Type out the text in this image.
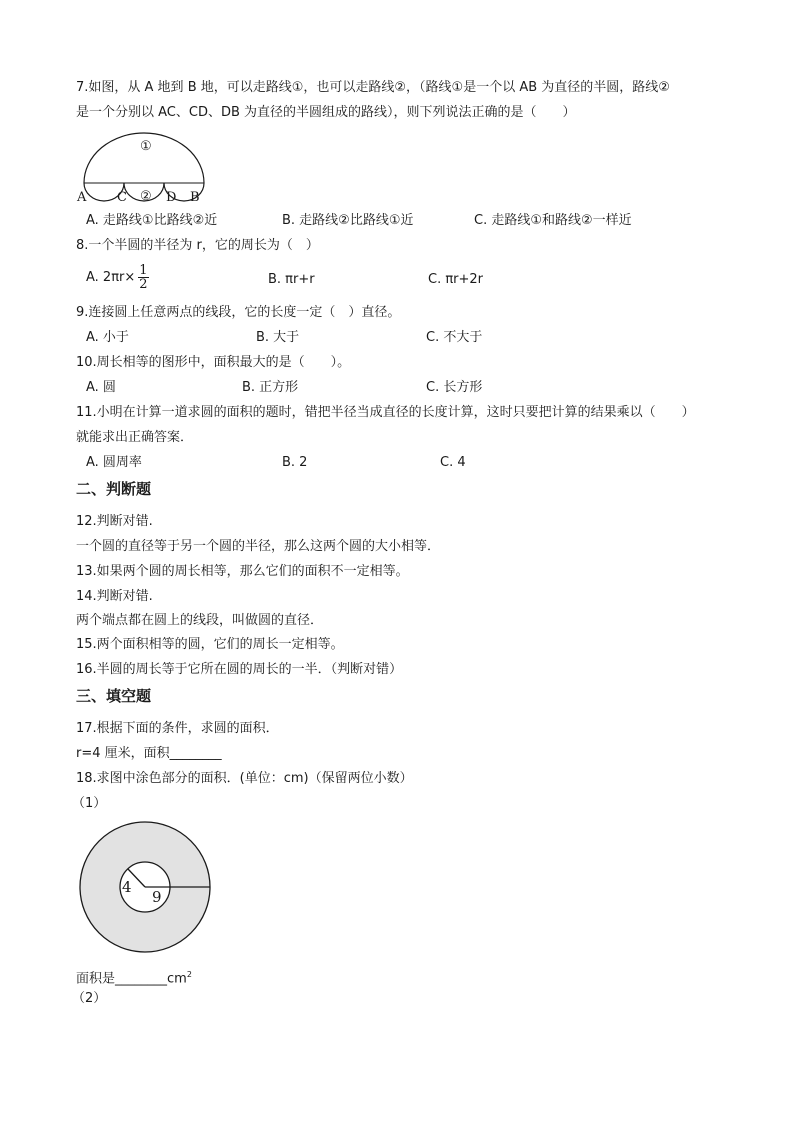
7.如图，从 A 地到 B 地，可以走路线①，也可以走路线②，（路线①是一个以 AB 为直径的半圆，路线②
是一个分别以 AC、CD、DB 为直径的半圆组成的路线），则下列说法正确的是（　　）
①
②
A C	D B
A. 走路线①比路线②近	B. 走路线②比路线①近	C. 走路线①和路线②一样近
8.一个半圆的半径为 r，它的周长为（　）
A. $2\pi r\times \frac{1}{2}$	B. πr+r	C. πr+2r
9.连接圆上任意两点的线段，它的长度一定（　）直径。
A. 小于	B. 大于	C. 不大于
10.周长相等的图形中，面积最大的是（　　）。
A. 圆	B. 正方形	C. 长方形
11.小明在计算一道求圆的面积的题时，错把半径当成直径的长度计算，这时只要把计算的结果乘以（　　）
就能求出正确答案．
A. 圆周率	B. 2	C. 4
二、判断题
12.判断对错.
一个圆的直径等于另一个圆的半径，那么这两个圆的大小相等．
13.如果两个圆的周长相等，那么它们的面积不一定相等。
14.判断对错.
两个端点都在圆上的线段，叫做圆的直径．
15.两个面积相等的圆，它们的周长一定相等。
16.半圆的周长等于它所在圆的周长的一半．（判断对错）
三、填空题
17.根据下面的条件，求圆的面积．
r=4 厘米，面积________
18.求图中涂色部分的面积．(单位：cm)（保留两位小数）
（1）
4
9
面积是$\_\_\_\_\_\_\_\_cm^2$
（2）
